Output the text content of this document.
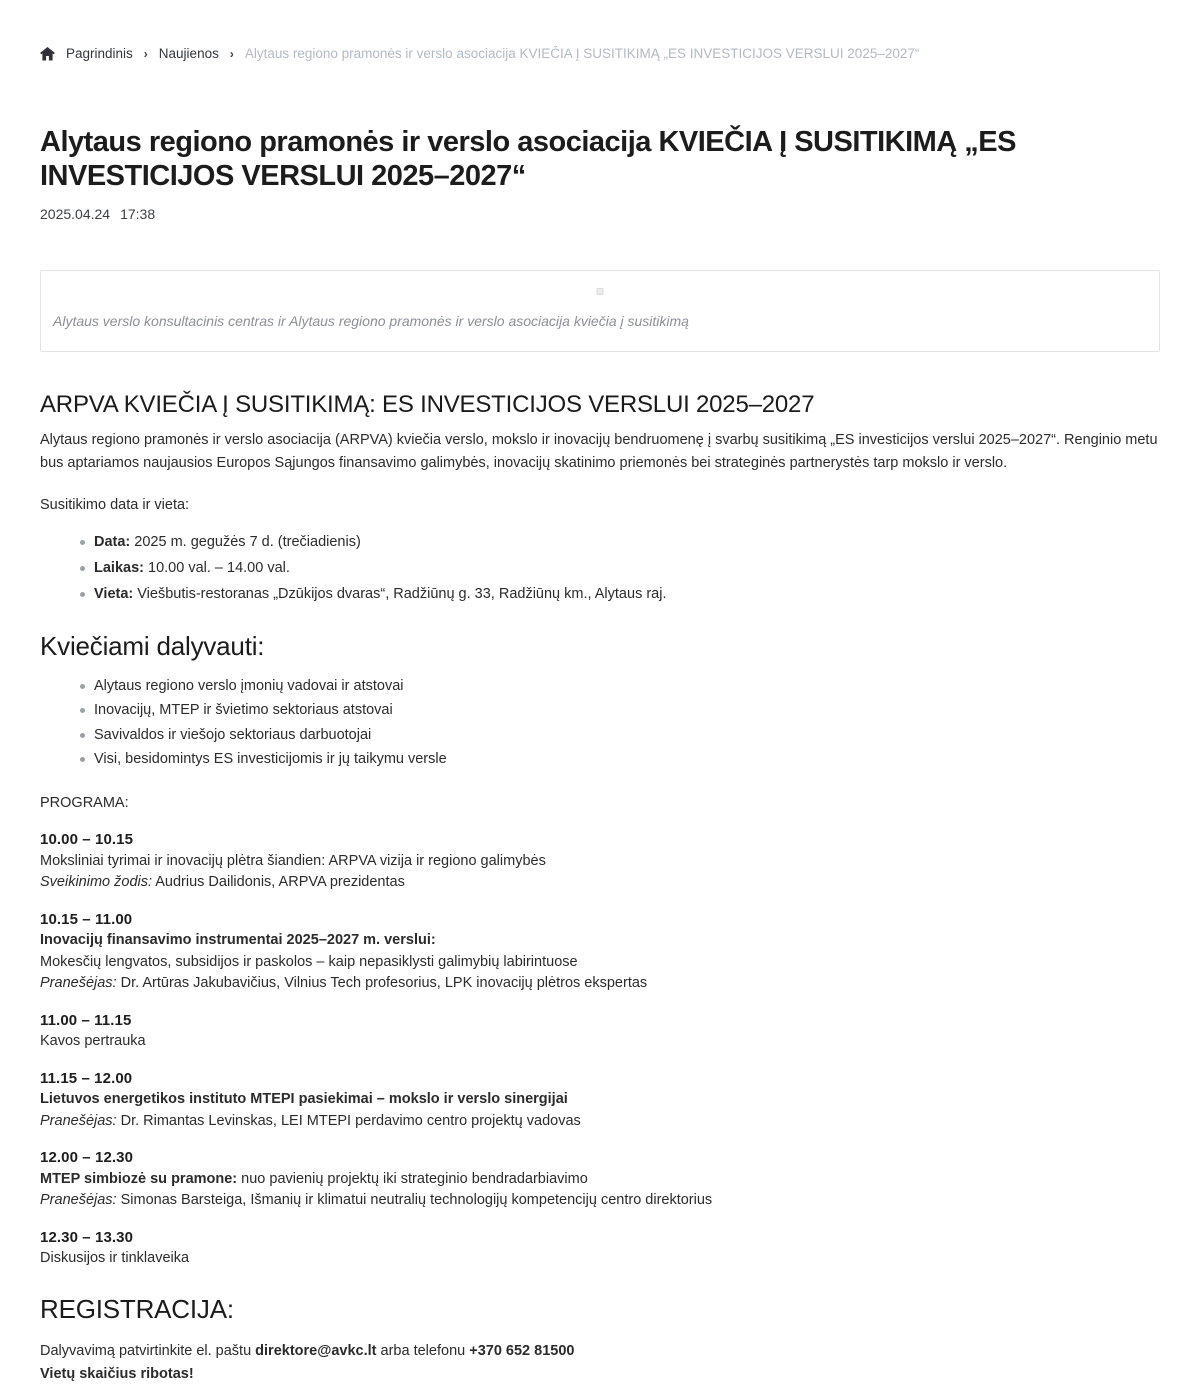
Pagrindinis › Naujienos › Alytaus regiono pramonės ir verslo asociacija KVIEČIA Į SUSITIKIMĄ „ES INVESTICIJOS VERSLUI 2025–2027“
Alytaus regiono pramonės ir verslo asociacija KVIEČIA Į SUSITIKIMĄ „ES INVESTICIJOS VERSLUI 2025–2027“
2025.04.24 17:38
Alytaus verslo konsultacinis centras ir Alytaus regiono pramonės ir verslo asociacija kviečia į susitikimą
ARPVA KVIEČIA Į SUSITIKIMĄ: ES INVESTICIJOS VERSLUI 2025–2027

Alytaus regiono pramonės ir verslo asociacija (ARPVA) kviečia verslo, mokslo ir inovacijų bendruomenę į svarbų susitikimą „ES investicijos verslui 2025–2027“. Renginio metu bus aptariamos naujausios Europos Sąjungos finansavimo galimybės, inovacijų skatinimo priemonės bei strateginės partnerystės tarp mokslo ir verslo.

Susitikimo data ir vieta:

Data: 2025 m. gegužės 7 d. (trečiadienis)
Laikas: 10.00 val. – 14.00 val.
Vieta: Viešbutis-restoranas „Dzūkijos dvaras“, Radžiūnų g. 33, Radžiūnų km., Alytaus raj.
Kviečiami dalyvauti:
Alytaus regiono verslo įmonių vadovai ir atstovai
Inovacijų, MTEP ir švietimo sektoriaus atstovai
Savivaldos ir viešojo sektoriaus darbuotojai
Visi, besidomintys ES investicijomis ir jų taikymu versle

PROGRAMA:

10.00 – 10.15
Moksliniai tyrimai ir inovacijų plėtra šiandien: ARPVA vizija ir regiono galimybės
Sveikinimo žodis: Audrius Dailidonis, ARPVA prezidentas
10.15 – 11.00
Inovacijų finansavimo instrumentai 2025–2027 m. verslui:
Mokesčių lengvatos, subsidijos ir paskolos – kaip nepasiklysti galimybių labirintuose
Pranešėjas: Dr. Artūras Jakubavičius, Vilnius Tech profesorius, LPK inovacijų plėtros ekspertas
11.00 – 11.15
Kavos pertrauka
11.15 – 12.00
Lietuvos energetikos instituto MTEPI pasiekimai – mokslo ir verslo sinergijai
Pranešėjas: Dr. Rimantas Levinskas, LEI MTEPI perdavimo centro projektų vadovas
12.00 – 12.30
MTEP simbiozė su pramone: nuo pavienių projektų iki strateginio bendradarbiavimo
Pranešėjas: Simonas Barsteiga, Išmanių ir klimatui neutralių technologijų kompetencijų centro direktorius
12.30 – 13.30
Diskusijos ir tinklaveika
REGISTRACIJA:

Dalyvavimą patvirtinkite el. paštu direktore@avkc.lt arba telefonu +370 652 81500

Vietų skaičius ribotas!
